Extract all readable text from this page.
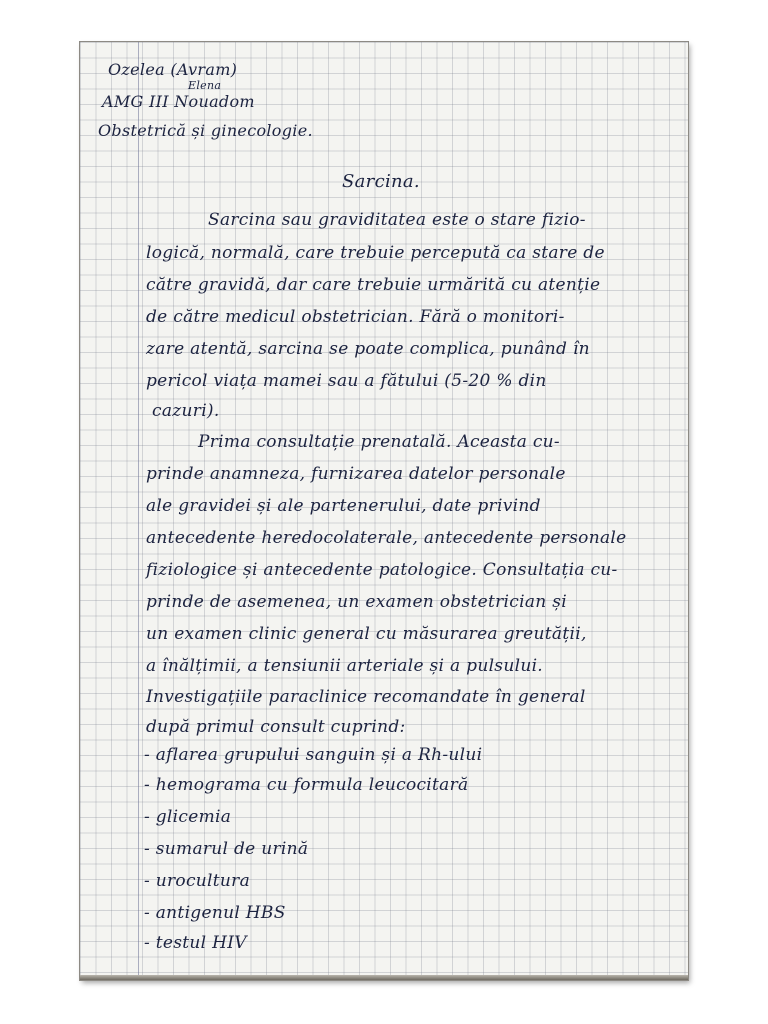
Ozelea (Avram)
Elena
AMG III Nouadom
Obstetrică și ginecologie.
Sarcina.
Sarcina sau graviditatea este o stare fizio-
logică, normală, care trebuie percepută ca stare de
către gravidă, dar care trebuie urmărită cu atenție
de către medicul obstetrician. Fără o monitori-
zare atentă, sarcina se poate complica, punând în
pericol viața mamei sau a fătului (5-20 % din
cazuri).
Prima consultație prenatală. Aceasta cu-
prinde anamneza, furnizarea datelor personale
ale gravidei și ale partenerului, date privind
antecedente heredocolaterale, antecedente personale
fiziologice și antecedente patologice. Consultația cu-
prinde de asemenea, un examen obstetrician și
un examen clinic general cu măsurarea greutății,
a înălțimii, a tensiunii arteriale și a pulsului.
Investigațiile paraclinice recomandate în general
după primul consult cuprind:
- aflarea grupului sanguin și a Rh-ului
- hemograma cu formula leucocitară
- glicemia
- sumarul de urină
- urocultura
- antigenul HBS
- testul HIV
